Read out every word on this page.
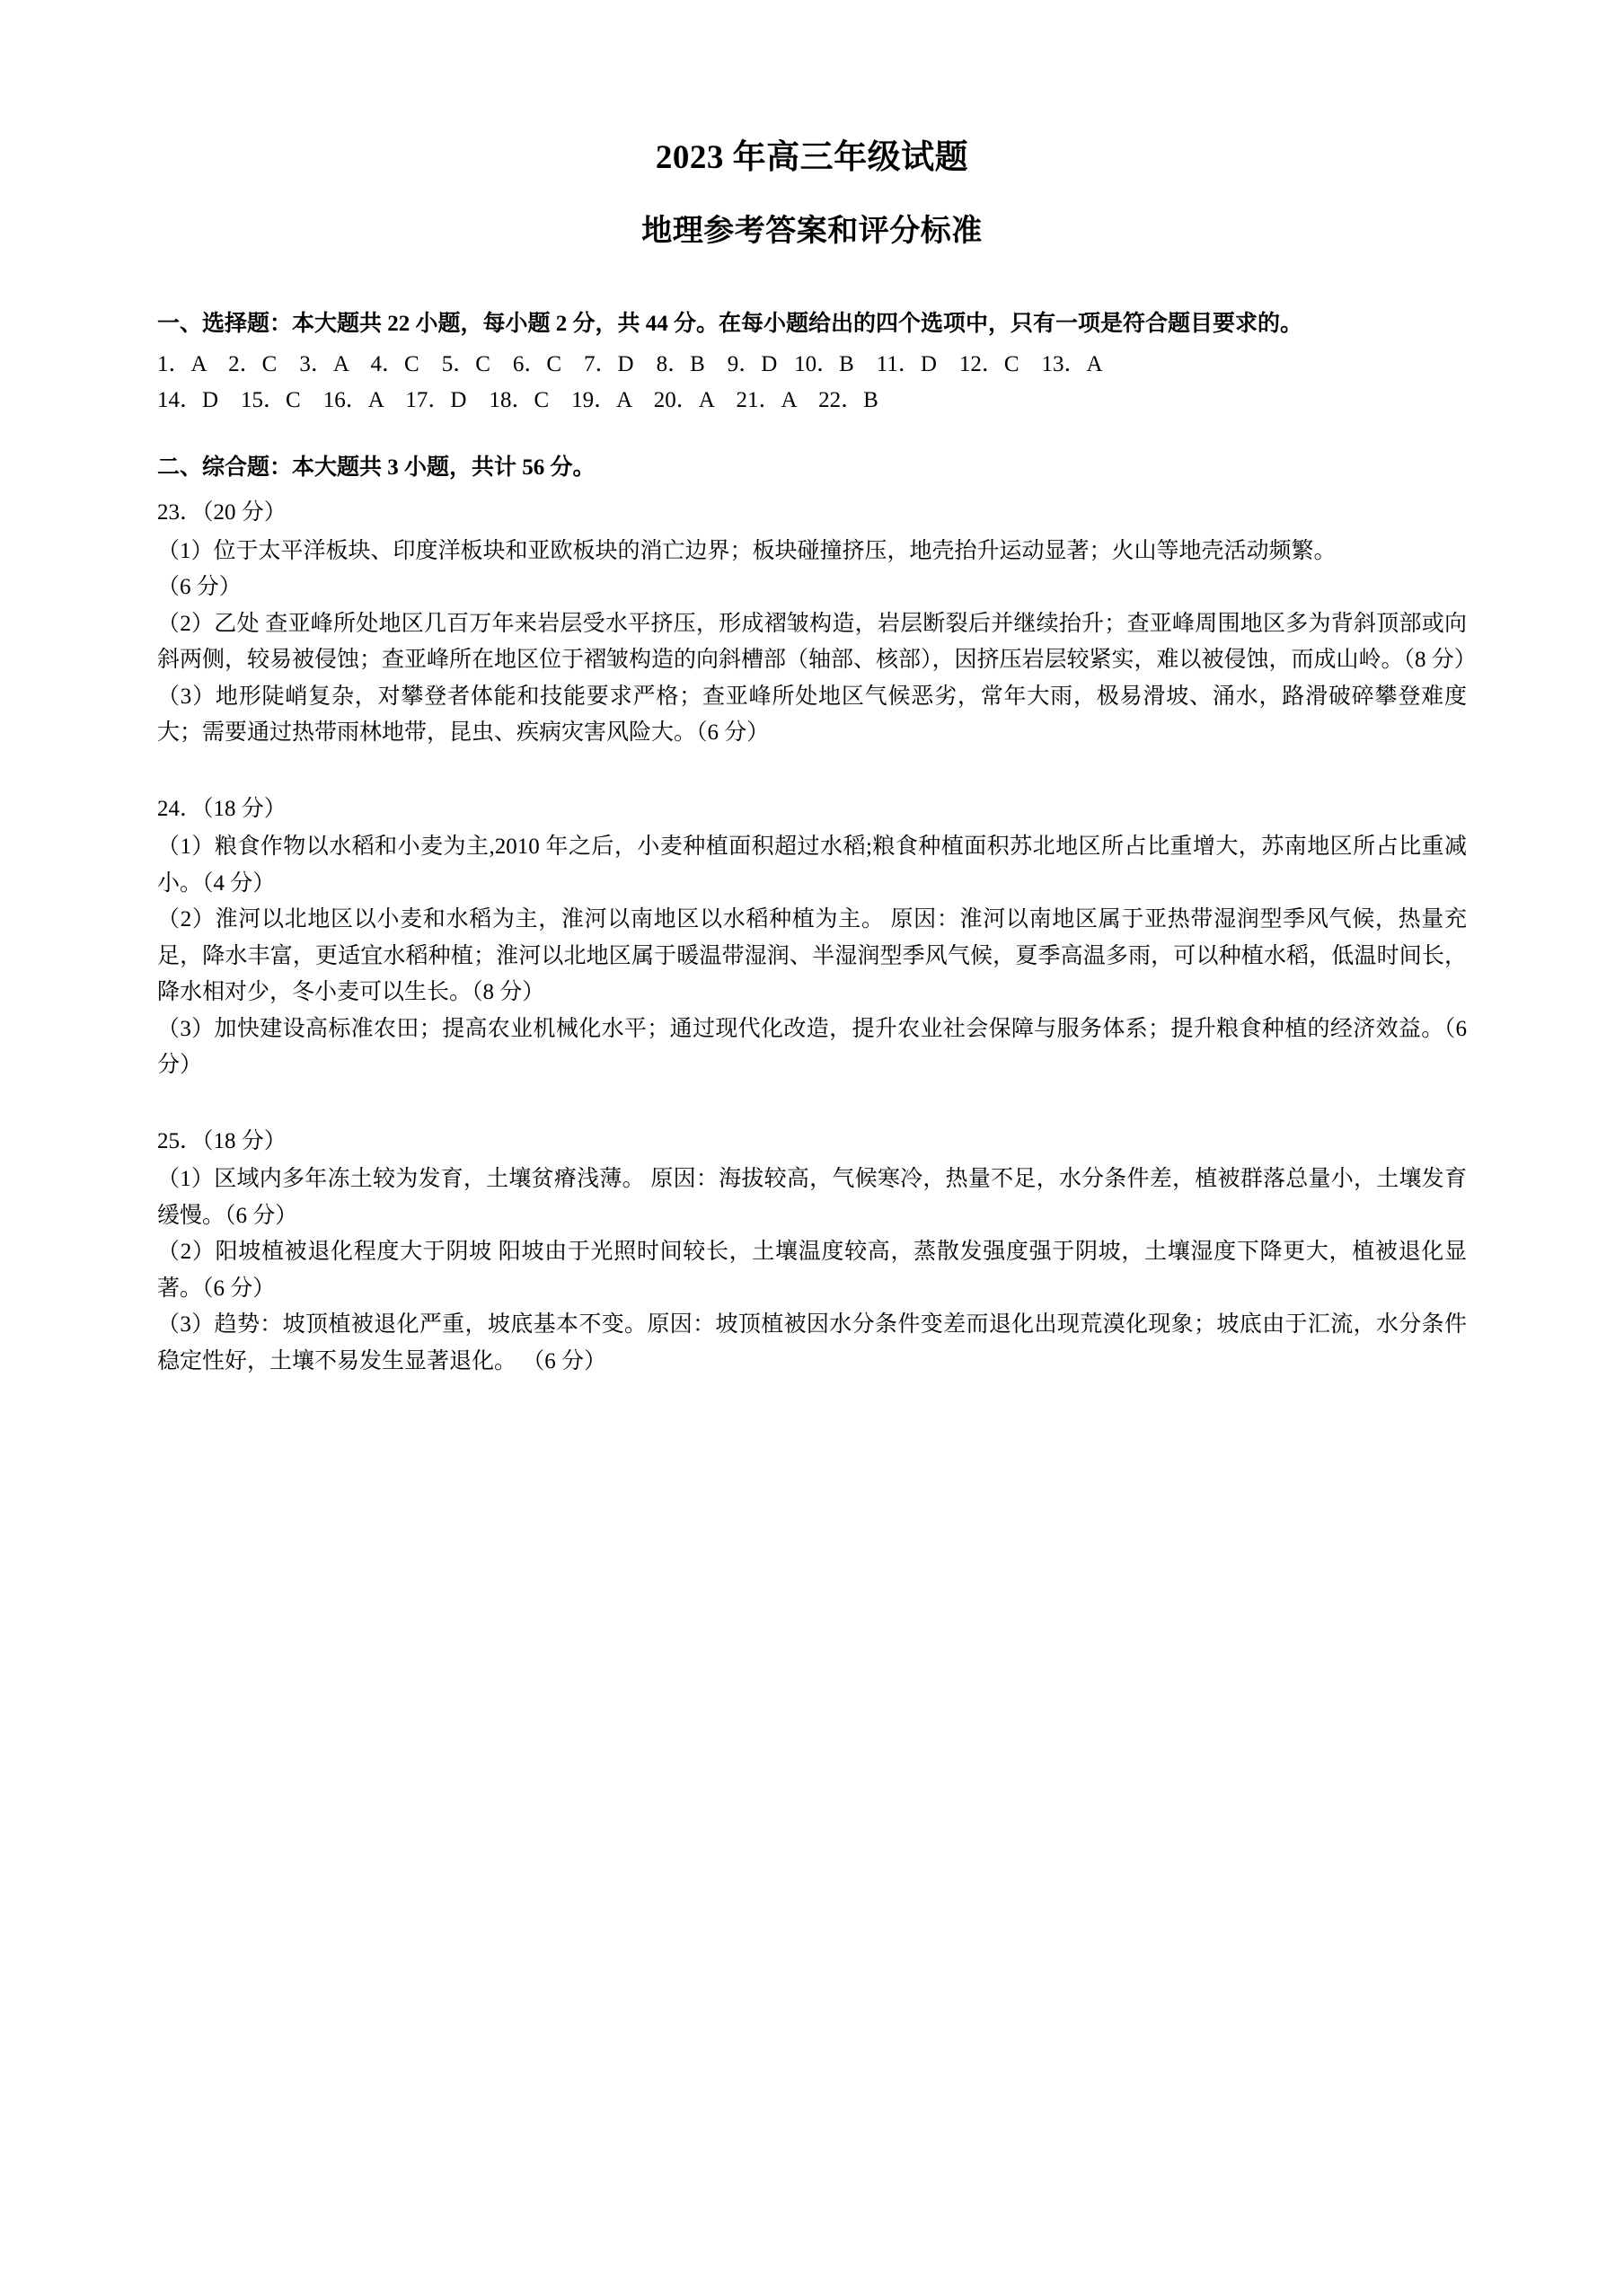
2023 年高三年级试题
地理参考答案和评分标准

一、选择题：本大题共 22 小题，每小题 2 分，共 44 分。在每小题给出的四个选项中，只有一项是符合题目要求的。

1．A    2．C    3．A    4．C    5．C    6．C    7．D    8．B    9．D   10．B    11．D    12．C    13．A

14．D    15．C    16．A    17．D    18．C    19．A    20．A    21．A    22．B

二、综合题：本大题共 3 小题，共计 56 分。

23．（20 分）

（1）位于太平洋板块、印度洋板块和亚欧板块的消亡边界；板块碰撞挤压，地壳抬升运动显著；火山等地壳活动频繁。

（6 分）

（2）乙处 查亚峰所处地区几百万年来岩层受水平挤压，形成褶皱构造，岩层断裂后并继续抬升；查亚峰周围地区多为背斜顶部或向斜两侧，较易被侵蚀；查亚峰所在地区位于褶皱构造的向斜槽部（轴部、核部），因挤压岩层较紧实，难以被侵蚀，而成山岭。（8 分）

（3）地形陡峭复杂，对攀登者体能和技能要求严格；查亚峰所处地区气候恶劣，常年大雨，极易滑坡、涌水，路滑破碎攀登难度大；需要通过热带雨林地带，昆虫、疾病灾害风险大。（6 分）

24．（18 分）

（1）粮食作物以水稻和小麦为主,2010 年之后，小麦种植面积超过水稻;粮食种植面积苏北地区所占比重增大，苏南地区所占比重减小。（4 分）

（2）淮河以北地区以小麦和水稻为主，淮河以南地区以水稻种植为主。 原因：淮河以南地区属于亚热带湿润型季风气候，热量充足，降水丰富，更适宜水稻种植；淮河以北地区属于暖温带湿润、半湿润型季风气候，夏季高温多雨，可以种植水稻，低温时间长，降水相对少，冬小麦可以生长。（8 分）

（3）加快建设高标准农田；提高农业机械化水平；通过现代化改造，提升农业社会保障与服务体系；提升粮食种植的经济效益。（6 分）

25．（18 分）

（1）区域内多年冻土较为发育，土壤贫瘠浅薄。 原因：海拔较高，气候寒冷，热量不足，水分条件差，植被群落总量小，土壤发育缓慢。（6 分）

（2）阳坡植被退化程度大于阴坡 阳坡由于光照时间较长，土壤温度较高，蒸散发强度强于阴坡，土壤湿度下降更大，植被退化显著。（6 分）

（3）趋势：坡顶植被退化严重，坡底基本不变。原因：坡顶植被因水分条件变差而退化出现荒漠化现象；坡底由于汇流，水分条件稳定性好，土壤不易发生显著退化。 （6 分）
